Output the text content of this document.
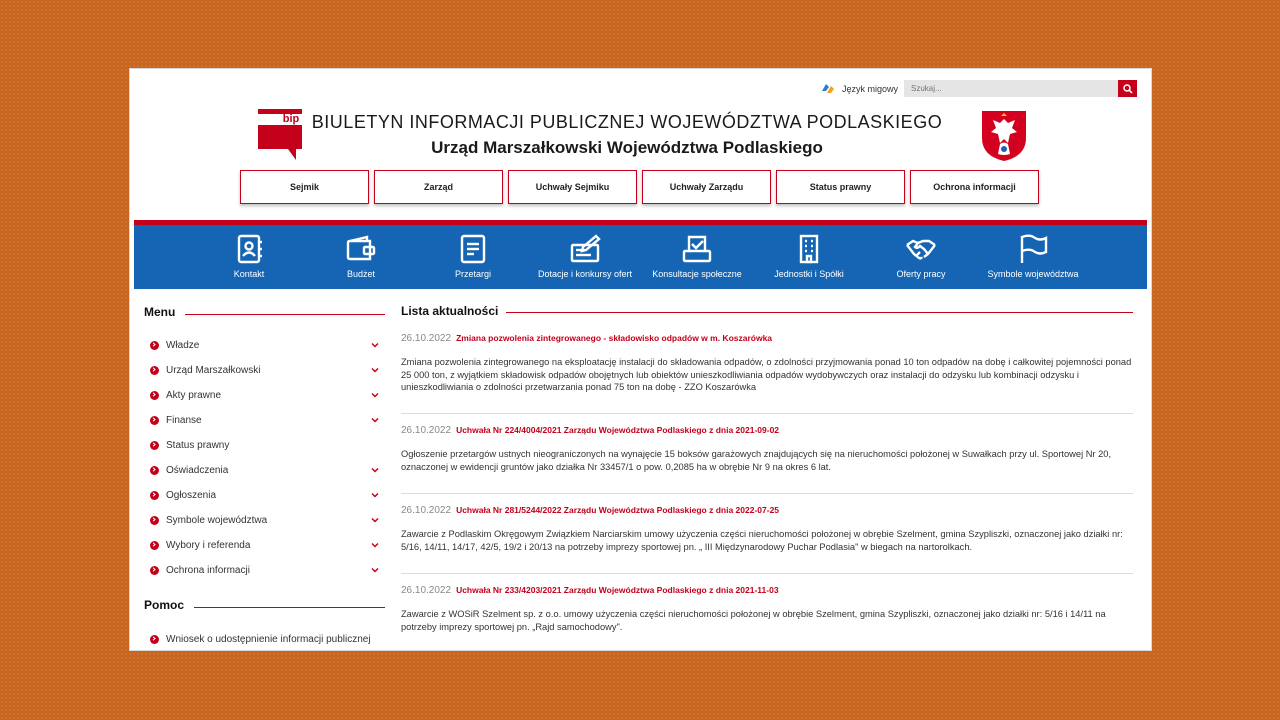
Język migowy
Szukaj...
bip BIULETYN INFORMACJI PUBLICZNEJ WOJEWÓDZTWA PODLASKIEGO
Urząd Marszałkowski Województwa Podlaskiego
Sejmik	Zarząd	Uchwały Sejmiku	Uchwały Zarządu	Status prawny	Ochrona informacji
Kontakt	Budżet	Przetargi	Dotacje i konkursy ofert	Konsultacje społeczne	Jednostki i Spółki	Oferty pracy	Symbole województwa
Menu
Władze
Urząd Marszałkowski
Akty prawne
Finanse
Status prawny
Oświadczenia
Ogłoszenia
Symbole województwa
Wybory i referenda
Ochrona informacji
Pomoc
Wniosek o udostępnienie informacji publicznej
Lista aktualności
26.10.2022 Zmiana pozwolenia zintegrowanego - składowisko odpadów w m. Koszarówka
Zmiana pozwolenia zintegrowanego na eksploatację instalacji do składowania odpadów, o zdolności przyjmowania ponad 10 ton odpadów na dobę i całkowitej pojemności ponad 25 000 ton, z wyjątkiem składowisk odpadów obojętnych lub obiektów unieszkodliwiania odpadów wydobywczych oraz instalacji do odzysku lub kombinacji odzysku i unieszkodliwiania o zdolności przetwarzania ponad 75 ton na dobę - ZZO Koszarówka
26.10.2022 Uchwała Nr 224/4004/2021 Zarządu Województwa Podlaskiego z dnia 2021-09-02
Ogłoszenie przetargów ustnych nieograniczonych na wynajęcie 15 boksów garażowych znajdujących się na nieruchomości położonej w Suwałkach przy ul. Sportowej Nr 20, oznaczonej w ewidencji gruntów jako działka Nr 33457/1 o pow. 0,2085 ha w obrębie Nr 9 na okres 6 lat.
26.10.2022 Uchwała Nr 281/5244/2022 Zarządu Województwa Podlaskiego z dnia 2022-07-25
Zawarcie z Podlaskim Okręgowym Związkiem Narciarskim umowy użyczenia części nieruchomości położonej w obrębie Szelment, gmina Szypliszki, oznaczonej jako działki nr: 5/16, 14/11, 14/17, 42/5, 19/2 i 20/13 na potrzeby imprezy sportowej pn. „ III Międzynarodowy Puchar Podlasia" w biegach na nartorolkach.
26.10.2022 Uchwała Nr 233/4203/2021 Zarządu Województwa Podlaskiego z dnia 2021-11-03
Zawarcie z WOSiR Szelment sp. z o.o. umowy użyczenia części nieruchomości położonej w obrębie Szelment, gmina Szypliszki, oznaczonej jako działki nr: 5/16 i 14/11 na potrzeby imprezy sportowej pn. „Rajd samochodowy".
